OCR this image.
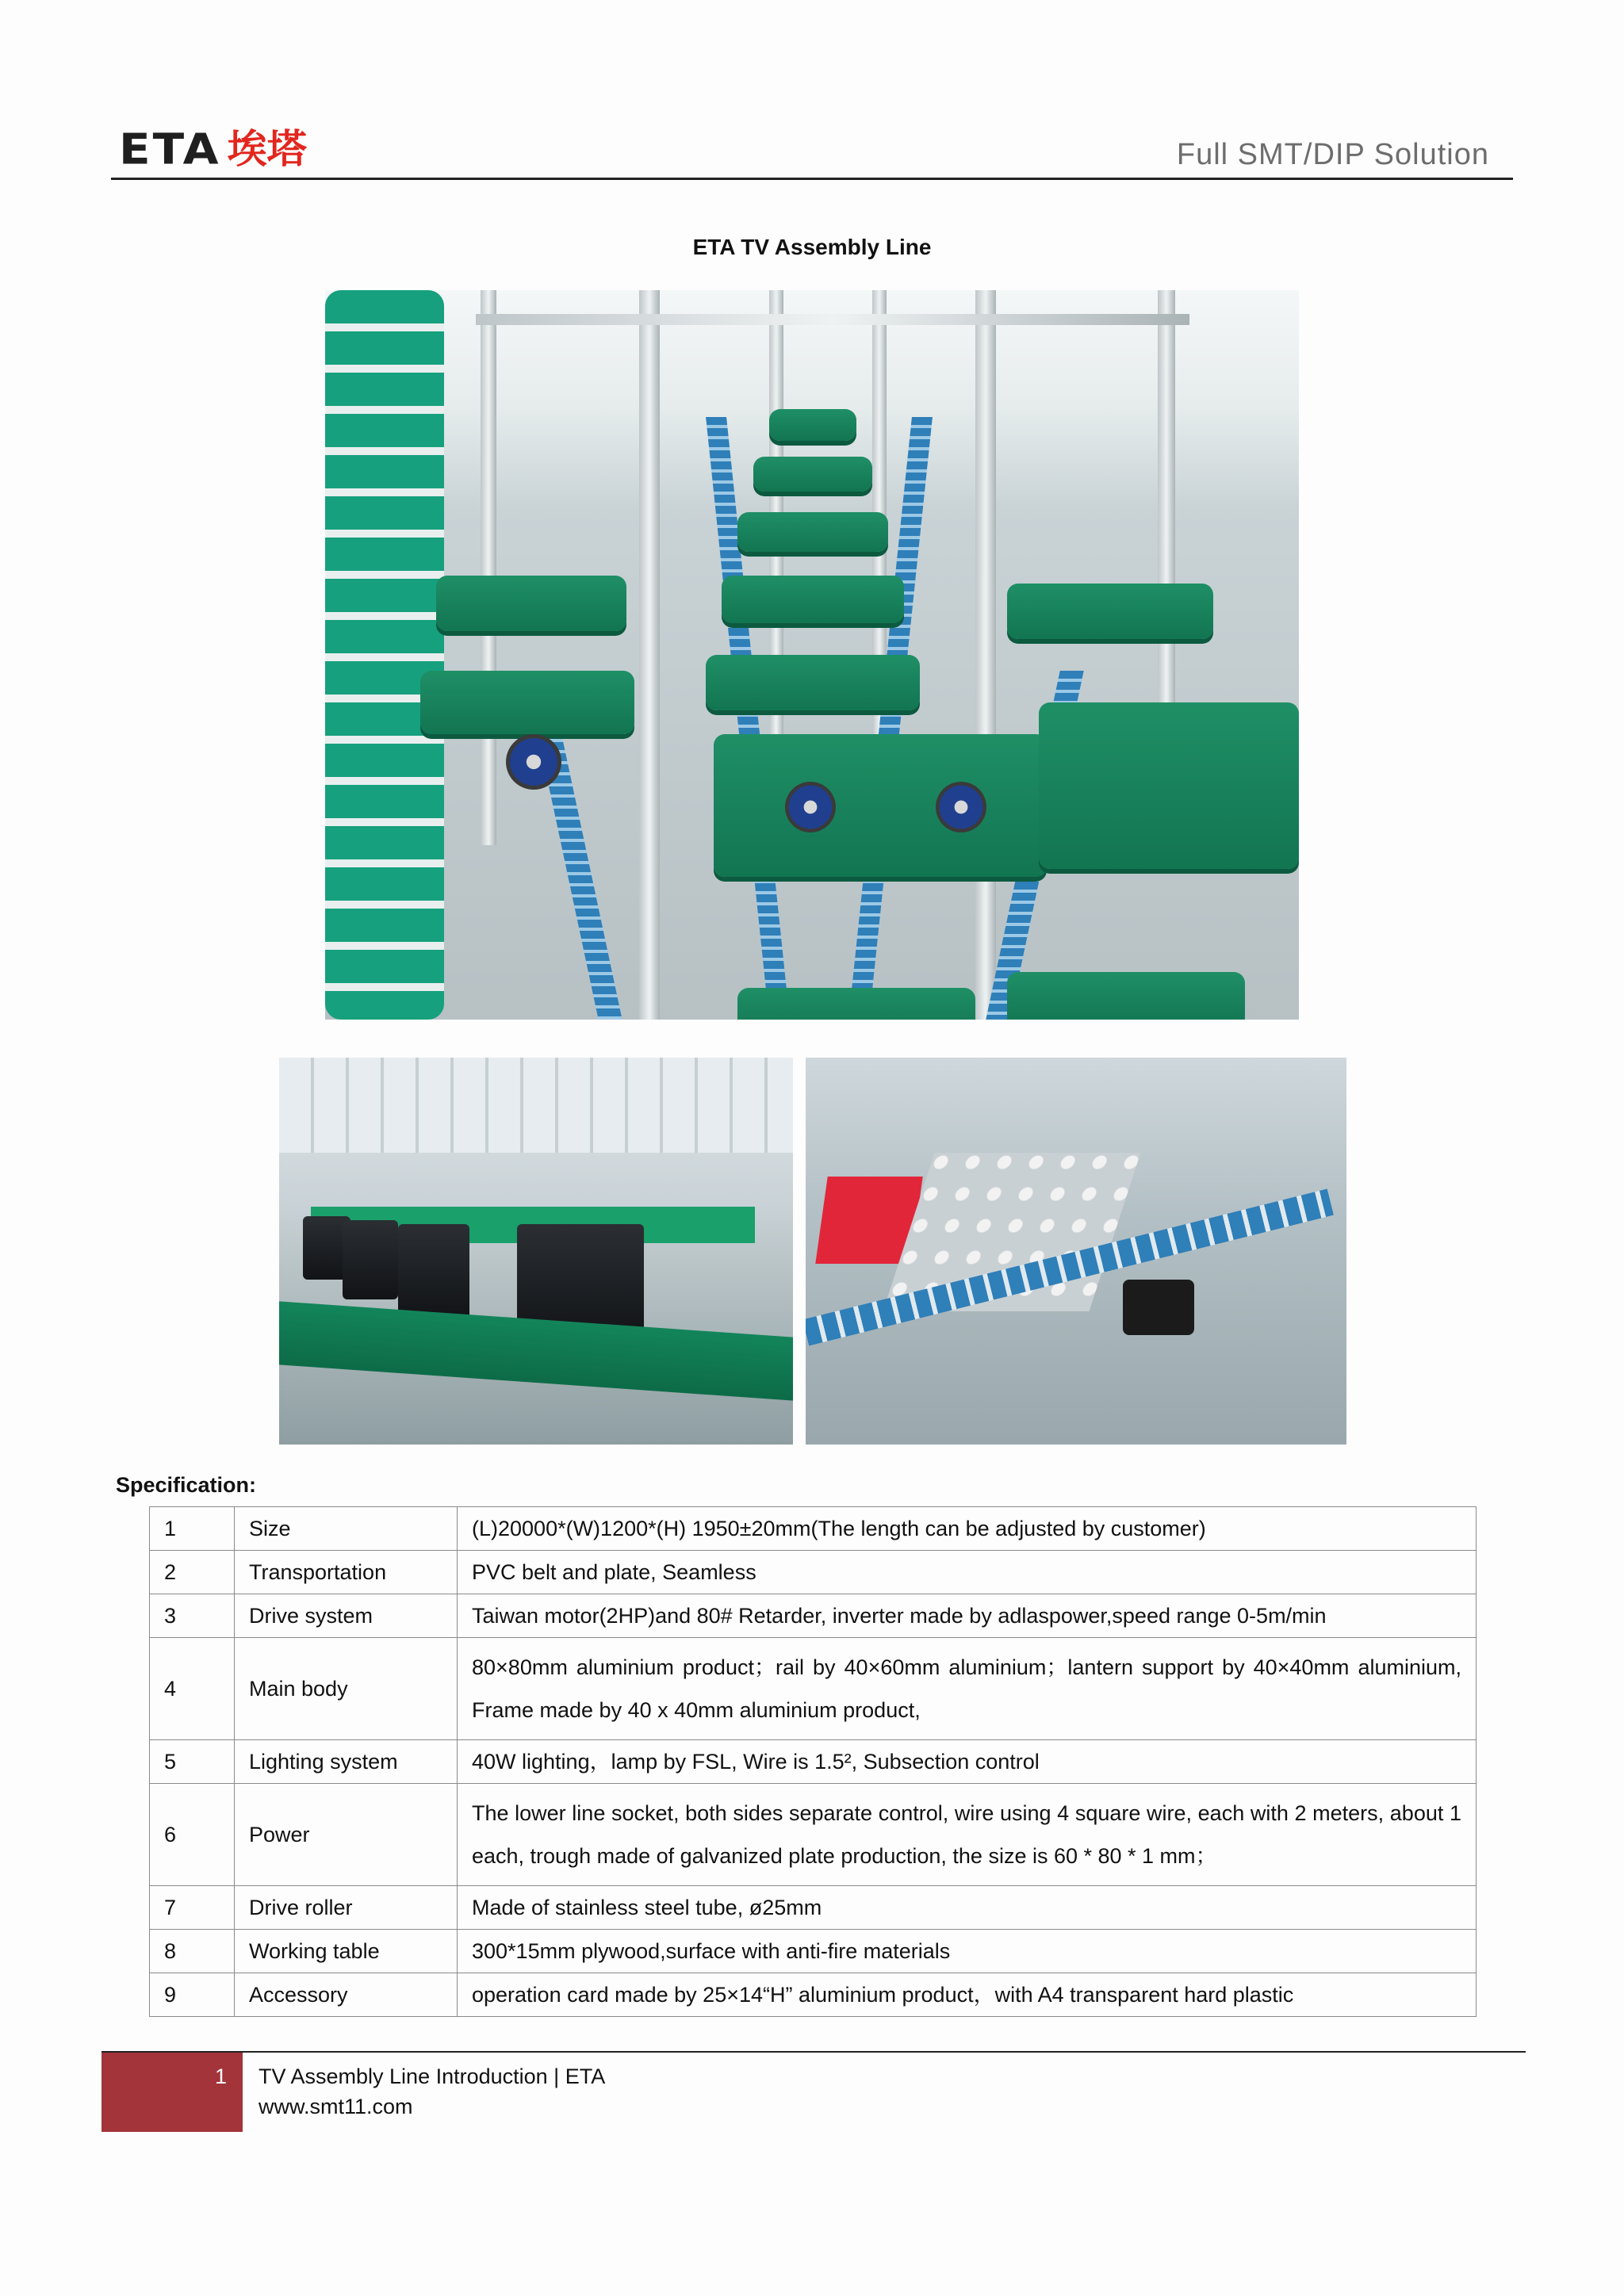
ETA 埃塔	Full SMT/DIP Solution
ETA TV Assembly Line
Specification:
1	Size	(L)20000*(W)1200*(H) 1950±20mm(The length can be adjusted by customer)
2	Transportation	PVC belt and plate, Seamless
3	Drive system	Taiwan motor(2HP)and 80# Retarder, inverter made by adlaspower,speed range 0-5m/min
4	Main body	80×80mm aluminium product；rail by 40×60mm aluminium；lantern support by 40×40mm aluminium, Frame made by 40 x 40mm aluminium product,
5	Lighting system	40W lighting，lamp by FSL, Wire is 1.5², Subsection control
6	Power	The lower line socket, both sides separate control, wire using 4 square wire, each with 2 meters, about 1 each, trough made of galvanized plate production, the size is 60 * 80 * 1 mm；
7	Drive roller	Made of stainless steel tube, ø25mm
8	Working table	300*15mm plywood,surface with anti-fire materials
9	Accessory	operation card made by 25×14“H” aluminium product，with A4 transparent hard plastic
1 TV Assembly Line Introduction | ETA
www.smt11.com
